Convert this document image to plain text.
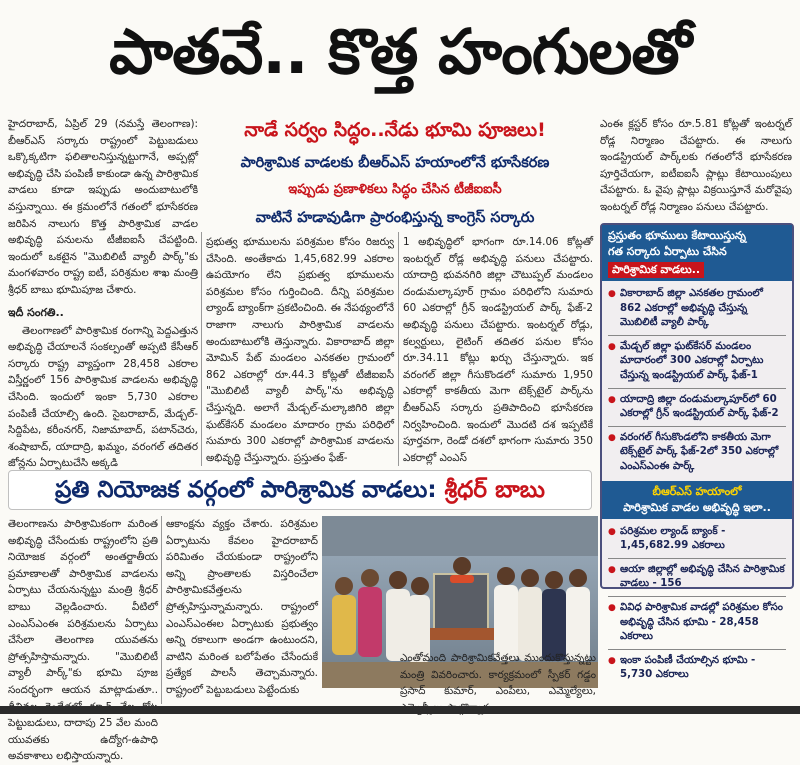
పాతవే.. కొత్త హంగులతో
నాడే సర్వం సిద్ధం..నేడు భూమి పూజలు!
పారిశ్రామిక వాడలకు బీఆర్ఎస్ హయాంలోనే భూసేకరణ
ఇప్పుడు ప్రణాళికలు సిద్ధం చేసిన టీజీఐఐసీ
వాటినే హడావుడిగా ప్రారంభిస్తున్న కాంగ్రెస్ సర్కారు

హైదరాబాద్, ఏప్రిల్ 29 (నమస్తే తెలంగాణ): బీఆర్ఎస్ సర్కారు రాష్ట్రంలో పెట్టుబడులు ఒక్కొక్కటిగా ఫలితాలనిస్తున్నట్టుగానే, అప్పట్లో అభివృద్ధి చేసి పంపిణీ కాకుండా ఉన్న పారిశ్రామిక వాడలు కూడా ఇప్పుడు అందుబాటులోకి వస్తున్నాయి. ఈ క్రమంలోనే గతంలో భూసేకరణ జరిపిన నాలుగు కొత్త పారిశ్రామిక వాడల అభివృద్ధి పనులను టీజీఐఐసీ చేపట్టింది. ఇందులో ఒకటైన "మొబిలిటీ వ్యాలీ పార్క్"కు మంగళవారం రాష్ట్ర ఐటీ, పరిశ్రమల శాఖ మంత్రి శ్రీధర్ బాబు భూమిపూజ చేశారు.

ఇదీ సంగతి..

తెలంగాణలో పారిశ్రామిక రంగాన్ని పెద్దఎత్తున అభివృద్ధి చేయాలనే సంకల్పంతో అప్పటి కేసీఆర్ సర్కారు రాష్ట్ర వ్యాప్తంగా 28,458 ఎకరాల విస్తీర్ణంలో 156 పారిశ్రామిక వాడలను అభివృద్ధి చేసింది. ఇందులో ఇంకా 5,730 ఎకరాల పంపిణీ చేయాల్సి ఉంది. సైబరాబాద్, మేడ్చల్-సిద్దిపేట, కరీంనగర్, నిజామాబాద్, పటాన్‌చెరు, శంషాబాద్, యాదాద్రి, ఖమ్మం, వరంగల్ తదితర జోన్లను ఏర్పాటుచేసి అక్కడి

ప్రభుత్వ భూములను పరిశ్రమల కోసం రిజర్వు చేసింది. అంతేకాదు 1,45,682.99 ఎకరాల ఉపయోగం లేని ప్రభుత్వ భూములను పరిశ్రమల కోసం గుర్తించింది. దీన్ని పరిశ్రమల ల్యాండ్ బ్యాంక్‌గా ప్రకటించింది. ఈ నేపథ్యంలోనే రాజాగా నాలుగు పారిశ్రామిక వాడలను అందుబాటులోకి తెస్తున్నారు. వికారాబాద్ జిల్లా మోమిన్ పేట్ మండలం ఎనకతల గ్రామంలో 862 ఎకరాల్లో రూ.44.3 కోట్లతో టీజీఐఐసీ "మొబిలిటీ వ్యాలీ పార్క్"ను అభివృద్ధి చేస్తున్నది. అలాగే మేడ్చల్-మల్కాజిగిరి జిల్లా ఘట్‌కేసర్ మండలం మాదారం గ్రామ పరిధిలో సుమారు 300 ఎకరాల్లో పారిశ్రామిక వాడలను అభివృద్ధి చేస్తున్నారు. ప్రస్తుతం ఫేజ్-

1 అభివృద్ధిలో భాగంగా రూ.14.06 కోట్లతో ఇంటర్నల్ రోడ్ల అభివృద్ధి పనులు చేపట్టారు. యాదాద్రి భువనగిరి జిల్లా చౌటుప్పల్ మండలం దండుమల్కాపూర్ గ్రామం పరిధిలోని సుమారు 60 ఎకరాల్లో గ్రీన్ ఇండస్ట్రియల్ పార్క్ ఫేజ్-2 అభివృద్ధి పనులు చేపట్టారు. ఇంటర్నల్ రోడ్లు, కల్వర్టులు, లైటింగ్ తదితర పనుల కోసం రూ.34.11 కోట్లు ఖర్చు చేస్తున్నారు. ఇక వరంగల్ జిల్లా గీసుకొండలో సుమారు 1,950 ఎకరాల్లో కాకతీయ మెగా టెక్స్‌టైల్ పార్క్‌ను బీఆర్ఎస్ సర్కారు ప్రతిపాదించి భూసేకరణ నిర్వహించింది. ఇందులో మొదటి దశ ఇప్పటికే పూర్తవగా, రెండో దశలో భాగంగా సుమారు 350 ఎకరాల్లో ఎంఎస్

ఎంఈ క్లస్టర్ కోసం రూ.5.81 కోట్లతో ఇంటర్నల్ రోడ్ల నిర్మాణం చేపట్టారు. ఈ నాలుగు ఇండస్ట్రియల్ పార్క్‌లకు గతంలోనే భూసేకరణ పూర్తిచేయగా, ఐటీఐఐసీ ప్లాట్లు కేటాయింపులు చేపట్టారు. ఓ వైపు ప్లాట్లు విక్రయిస్తూనే మరోవైపు ఇంటర్నల్ రోడ్ల నిర్మాణం పనులు చేపట్టారు.

ప్రస్తుతం భూములు కేటాయిస్తున్న
గత సర్కారు ఏర్పాటు చేసిన
పారిశ్రామిక వాడలు..
● వికారాబాద్ జిల్లా ఎనకతల గ్రామంలో 862 ఎకరాల్లో అభివృద్ధి చేస్తున్న మొబిలిటీ వ్యాలీ పార్క్
● మేడ్చల్ జిల్లా ఘట్‌కేసర్ మండలం మాదారంలో 300 ఎకరాల్లో ఏర్పాటు చేస్తున్న ఇండస్ట్రియల్ పార్క్ ఫేజ్-1
● యాదాద్రి జిల్లా దండుమల్కాపూర్‌లో 60 ఎకరాల్లో గ్రీన్ ఇండస్ట్రియల్ పార్క్ ఫేజ్-2
● వరంగల్ గీసుకొండలోని కాకతీయ మెగా టెక్స్‌టైల్ పార్క్ ఫేజ్-2లో 350 ఎకరాల్లో ఎంఎస్ఎంఈ పార్క్
బీఆర్ఎస్ హయాంలో
పారిశ్రామిక వాడల అభివృద్ధి ఇలా..
● పరిశ్రమల ల్యాండ్ బ్యాంక్ - 1,45,682.99 ఎకరాలు
● ఆయా జిల్లాల్లో అభివృద్ధి చేసిన పారిశ్రామిక వాడలు - 156
● వివిధ పారిశ్రామిక వాడల్లో పరిశ్రమల కోసం అభివృద్ధి చేసిన భూమి - 28,458 ఎకరాలు
● ఇంకా పంపిణీ చేయాల్సిన భూమి - 5,730 ఎకరాలు
ప్రతి నియోజక వర్గంలో పారిశ్రామిక వాడలు: శ్రీధర్ బాబు

తెలంగాణను పారిశ్రామికంగా మరింత అభివృద్ధి చేసేందుకు రాష్ట్రంలోని ప్రతి నియోజక వర్గంలో అంతర్జాతీయ ప్రమాణాలతో పారిశ్రామిక వాడలను ఏర్పాటు చేయనున్నట్టు మంత్రి శ్రీధర్ బాబు వెల్లడించారు. వీటిలో ఎంఎస్ఎంఈ పరిశ్రమలను ఏర్పాటు చేసేలా తెలంగాణ యువతను ప్రోత్సహిస్తామన్నారు. "మొబిలిటీ వ్యాలీ పార్క్"కు భూమి పూజ సందర్భంగా ఆయన మాట్లాడుతూ.. పెట్టుబడులు, దాదాపు 25 వేల మంది యువతకు ఉద్యోగ-ఉపాధి అవకాశాలు లభిస్తాయన్నారు.

ఆకాంక్షను వ్యక్తం చేశారు. పరిశ్రమల ఏర్పాటును కేవలం హైదరాబాద్ పరిమితం చేయకుండా రాష్ట్రంలోని అన్ని ప్రాంతాలకు విస్తరించేలా పారిశ్రామికవేత్తలను ప్రోత్సహిస్తున్నామన్నారు. రాష్ట్రంలో ఎంఎస్ఎంఈల ఏర్పాటుకు ప్రభుత్వం అన్ని రకాలుగా అండగా ఉంటుందని, వాటిని మరింత బలోపేతం చేసేందుకే ప్రత్యేక పాలసీ తెచ్చామన్నారు. రాష్ట్రంలో పెట్టుబడులు పెట్టేందుకు

ఎంతోమంది పారిశ్రామికవేత్తలు ముందుకొస్తున్నట్టు మంత్రి వివరించారు. కార్యక్రమంలో స్పీకర్ గడ్డం ప్రసాద్ కుమార్, ఎంపీలు, ఎమ్మెల్యేలు,
